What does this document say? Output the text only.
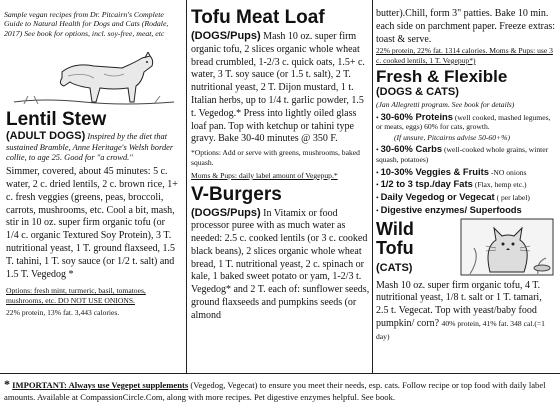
Sample vegan recipes from Dr. Pitcairn's Complete Guide to Natural Health for Dogs and Cats (Rodale, 2017) See book for options, incl. soy-free, meat, etc
Lentil Stew
(ADULT DOGS) Inspired by the diet that sustained Bramble, Anne Heritage's Welsh border collie, to age 25. Good for "a crowd."
Simmer, covered, about 45 minutes: 5 c. water, 2 c. dried lentils, 2 c. brown rice, 1+ c. fresh veggies (greens, peas, broccoli, carrots, mushrooms, etc. Cool a bit, mash, stir in 10 oz. super firm organic tofu (or 1/4 c. organic Textured Soy Protein), 3 T. nutritional yeast, 1 T. ground flaxseed, 1.5 T. tahini, 1 T. soy sauce (or 1/2 t. salt) and 1.5 T. Vegedog *
Options: fresh mint, turmeric, basil, tomatoes, mushrooms, etc. DO NOT USE ONIONS.
22% protein, 13% fat. 3,443 calories.
Tofu Meat Loaf
(DOGS/Pups) Mash 10 oz. super firm organic tofu, 2 slices organic whole wheat bread crumbled, 1-2/3 c. quick oats, 1.5+ c. water, 3 T. soy sauce (or 1.5 t. salt), 2 T. nutritional yeast, 2 T. Dijon mustard, 1 t. Italian herbs, up to 1/4 t. garlic powder, 1.5 t. Vegedog.* Press into lightly oiled glass loaf pan. Top with ketchup or tahini type gravy. Bake 30-40 minutes @ 350 F.
*Options: Add or serve with greens, mushrooms, baked squash.
Moms & Pups: daily label amount of Vegepup.*
V-Burgers
(DOGS/Pups) In Vitamix or food processor puree with as much water as needed: 2.5 c. cooked lentils (or 3 c. cooked black beans), 2 slices organic whole wheat bread, 1 T. nutritional yeast, 2 c. spinach or kale, 1 baked sweet potato or yam, 1-2/3 t. Vegedog* and 2 T. each of: sunflower seeds, ground flaxseeds and pumpkins seeds (or almond
butter).Chill, form 3" patties. Bake 10 min. each side on parchment paper. Freeze extras: toast & serve.
22% protein, 22% fat. 1314 calories. Moms & Pups: use 3 c. cooked lentils, 1 T. Vegepup*)
Fresh & Flexible
(DOGS & CATS)
(Jan Allegretti program. See book for details)
• 30-60% Proteins (well cooked, mashed legumes, or meats, eggs) 60% for cats, growth.
(If unsure, Pitcairns advise 50-60+%)
• 30-60% Carbs (well-cooked whole grains, winter squash, potatoes)
• 10-30% Veggies & Fruits -NO onions
• 1/2 to 3 tsp./day Fats (Flax, hemp etc.)
• Daily Vegedog or Vegecat ( per label)
• Digestive enzymes/ Superfoods
Wild Tofu
(CATS)
Mash 10 oz. super firm organic tofu, 4 T. nutritional yeast, 1/8 t. salt or 1 T. tamari, 2.5 t. Vegecat. Top with yeast/baby food pumpkin/ corn? 40% protein, 41% fat. 348 cal.(=1 day)
* IMPORTANT: Always use Vegepet supplements (Vegedog, Vegecat) to ensure you meet their needs, esp. cats. Follow recipe or top food with daily label amounts. Available at CompassionCircle.Com, along with more recipes. Pet digestive enzymes helpful. See book.
